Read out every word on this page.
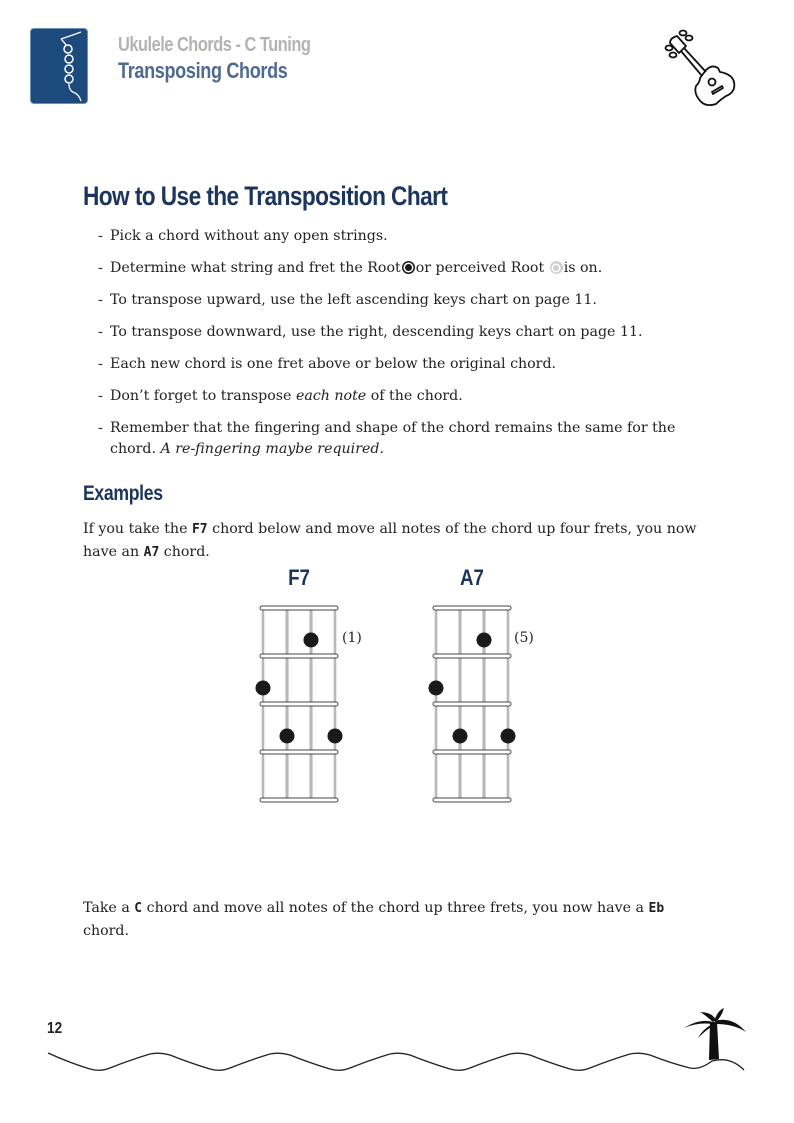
Ukulele Chords - C Tuning
Transposing Chords
How to Use the Transposition Chart
- Pick a chord without any open strings.
- Determine what string and fret the Root or perceived Root is on.
- To transpose upward, use the left ascending keys chart on page 11.
- To transpose downward, use the right, descending keys chart on page 11.
- Each new chord is one fret above or below the original chord.
- Don’t forget to transpose each note of the chord.
- Remember that the fingering and shape of the chord remains the same for the chord. A re-fingering maybe required.
Examples

If you take the F7 chord below and move all notes of the chord up four frets, you now have an A7 chord.

F7	A7
(1)	(5)

Take a C chord and move all notes of the chord up three frets, you now have a Eb chord.

12
